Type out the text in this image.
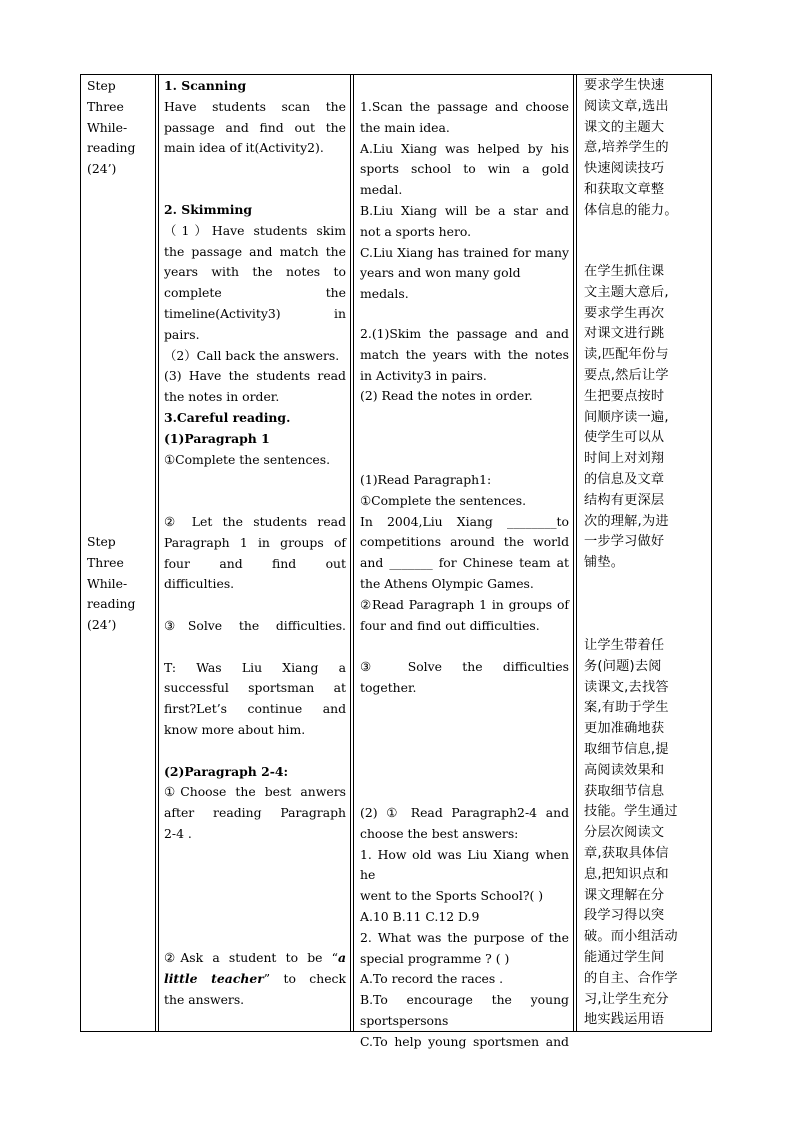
Step
Three
While-
reading
(24’)
Step
Three
While-
reading
(24’)
1. Scanning
Have students scan the
passage and find out the
main idea of it(Activity2).
2. Skimming
（1）Have students skim
the passage and match the
years with the notes to
complete the
timeline(Activity3) in
pairs.
（2）Call back the answers.
(3) Have the students read
the notes in order.
3.Careful reading.
(1)Paragraph 1
①Complete the sentences.
② Let the students read
Paragraph 1 in groups of
four and find out
difficulties.
③Solve the difficulties.
T: Was Liu Xiang a
successful sportsman at
first?Let’s continue and
know more about him.
(2)Paragraph 2-4:
①Choose the best anwers
after reading Paragraph
2-4 .
②Ask a student to be “a
little teacher” to check
the answers.
1.Scan the passage and choose
the main idea.
A.Liu Xiang was helped by his
sports school to win a gold
medal.
B.Liu Xiang will be a star and
not a sports hero.
C.Liu Xiang has trained for many
years and won many gold medals.
2.(1)Skim the passage and and
match the years with the notes
in Activity3 in pairs.
(2) Read the notes in order.
(1)Read Paragraph1:
①Complete the sentences.
In 2004,Liu Xiang ________to
competitions around the world
and _______ for Chinese team at
the Athens Olympic Games.
②Read Paragraph 1 in groups of
four and find out difficulties.
③ Solve the difficulties
together.
(2) ① Read Paragraph2-4 and
choose the best answers:
1. How old was Liu Xiang when he
went to the Sports School?( )
A.10 B.11 C.12 D.9
2. What was the purpose of the
special programme ? ( )
A.To record the races .
B.To encourage the young
sportspersons
C.To help young sportsmen and
要求学生快速
阅读文章,选出
课文的主题大
意,培养学生的
快速阅读技巧
和获取文章整
体信息的能力。
在学生抓住课
文主题大意后,
要求学生再次
对课文进行跳
读,匹配年份与
要点,然后让学
生把要点按时
间顺序读一遍,
使学生可以从
时间上对刘翔
的信息及文章
结构有更深层
次的理解,为进
一步学习做好
铺垫。
让学生带着任
务(问题)去阅
读课文,去找答
案,有助于学生
更加准确地获
取细节信息,提
高阅读效果和
获取细节信息
技能。学生通过
分层次阅读文
章,获取具体信
息,把知识点和
课文理解在分
段学习得以突
破。而小组活动
能通过学生间
的自主、合作学
习,让学生充分
地实践运用语
